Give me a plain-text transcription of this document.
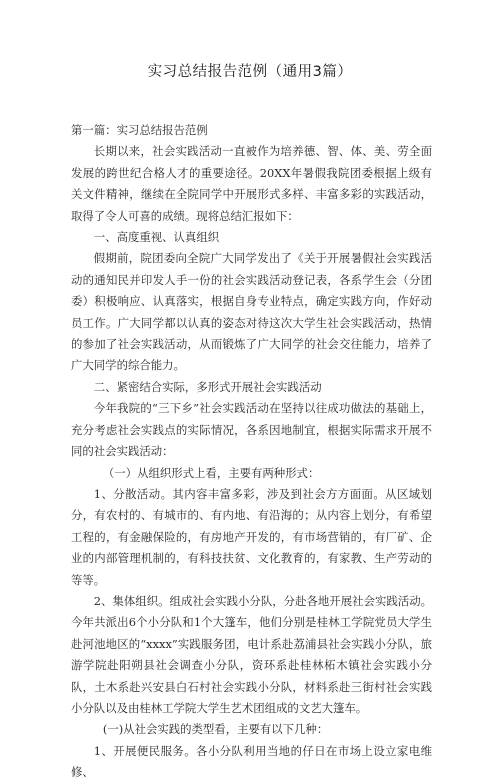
实习总结报告范例（通用3篇）

第一篇：实习总结报告范例

长期以来，社会实践活动一直被作为培养德、智、体、美、劳全面发展的跨世纪合格人才的重要途径。20XX年暑假我院团委根据上级有关文件精神，继续在全院同学中开展形式多样、丰富多彩的实践活动，取得了令人可喜的成绩。现将总结汇报如下：

一、高度重视、认真组织

假期前，院团委向全院广大同学发出了《关于开展暑假社会实践活动的通知民并印发人手一份的社会实践活动登记表，各系学生会（分团委）积极响应、认真落实，根据自身专业特点，确定实践方向，作好动员工作。广大同学都以认真的姿态对待这次大学生社会实践活动，热情的参加了社会实践活动，从而锻炼了广大同学的社会交往能力，培养了广大同学的综合能力。

二、紧密结合实际，多形式开展社会实践活动

今年我院的“三下乡”社会实践活动在坚持以往成功做法的基础上，充分考虑社会实践点的实际情况，各系因地制宜，根据实际需求开展不同的社会实践活动：

（一）从组织形式上看，主要有两种形式：

1、分散活动。其内容丰富多彩，涉及到社会方方面面。从区域划分，有农村的、有城市的、有内地、有沿海的；从内容上划分，有希望工程的，有金融保险的，有房地产开发的，有市场营销的，有厂矿、企业的内部管理机制的，有科技扶贫、文化教育的，有家教、生产劳动的等等。

2、集体组织。组成社会实践小分队，分赴各地开展社会实践活动。今年共派出6个小分队和1个大篷车，他们分别是桂林工学院党员大学生赴河池地区的“xxxx”实践服务团，电计系赴荔浦县社会实践小分队，旅游学院赴阳朔县社会调查小分队，资环系赴桂林柘木镇社会实践小分队，土木系赴兴安县白石村社会实践小分队，材料系赴三街村社会实践小分队以及由桂林工学院大学生艺术团组成的文艺大篷车。

(一)从社会实践的类型看，主要有以下几种：

1、开展便民服务。各小分队利用当地的仔日在市场上设立家电维修、
